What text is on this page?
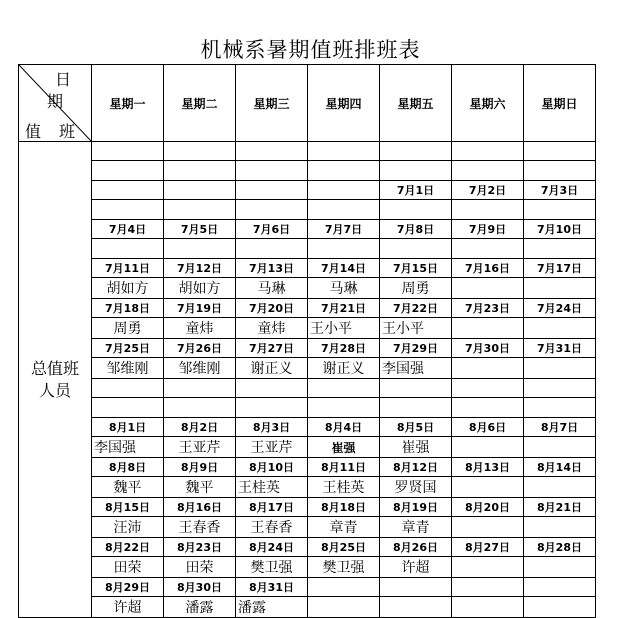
机械系暑期值班排班表
日
期
值 班	星期一	星期二	星期三	星期四	星期五	星期六	星期日

总值班
人员							

					7月1日	7月2日	7月3日

	7月4日	7月5日	7月6日	7月7日	7月8日	7月9日	7月10日

	7月11日	7月12日	7月13日	7月14日	7月15日	7月16日	7月17日
	胡如方	胡如方	马琳	马琳	周勇		
	7月18日	7月19日	7月20日	7月21日	7月22日	7月23日	7月24日
	周勇	童炜	童炜	王小平	王小平		
	7月25日	7月26日	7月27日	7月28日	7月29日	7月30日	7月31日
	邹维刚	邹维刚	谢正义	谢正义	李国强		

	8月1日	8月2日	8月3日	8月4日	8月5日	8月6日	8月7日
	李国强	王亚芹	王亚芹	崔强	崔强		
	8月8日	8月9日	8月10日	8月11日	8月12日	8月13日	8月14日
	魏平	魏平	王桂英	王桂英	罗贤国		
	8月15日	8月16日	8月17日	8月18日	8月19日	8月20日	8月21日
	汪沛	王春香	王春香	章青	章青		
	8月22日	8月23日	8月24日	8月25日	8月26日	8月27日	8月28日
	田荣	田荣	樊卫强	樊卫强	许超		
	8月29日	8月30日	8月31日				
	许超	潘露	潘露				
